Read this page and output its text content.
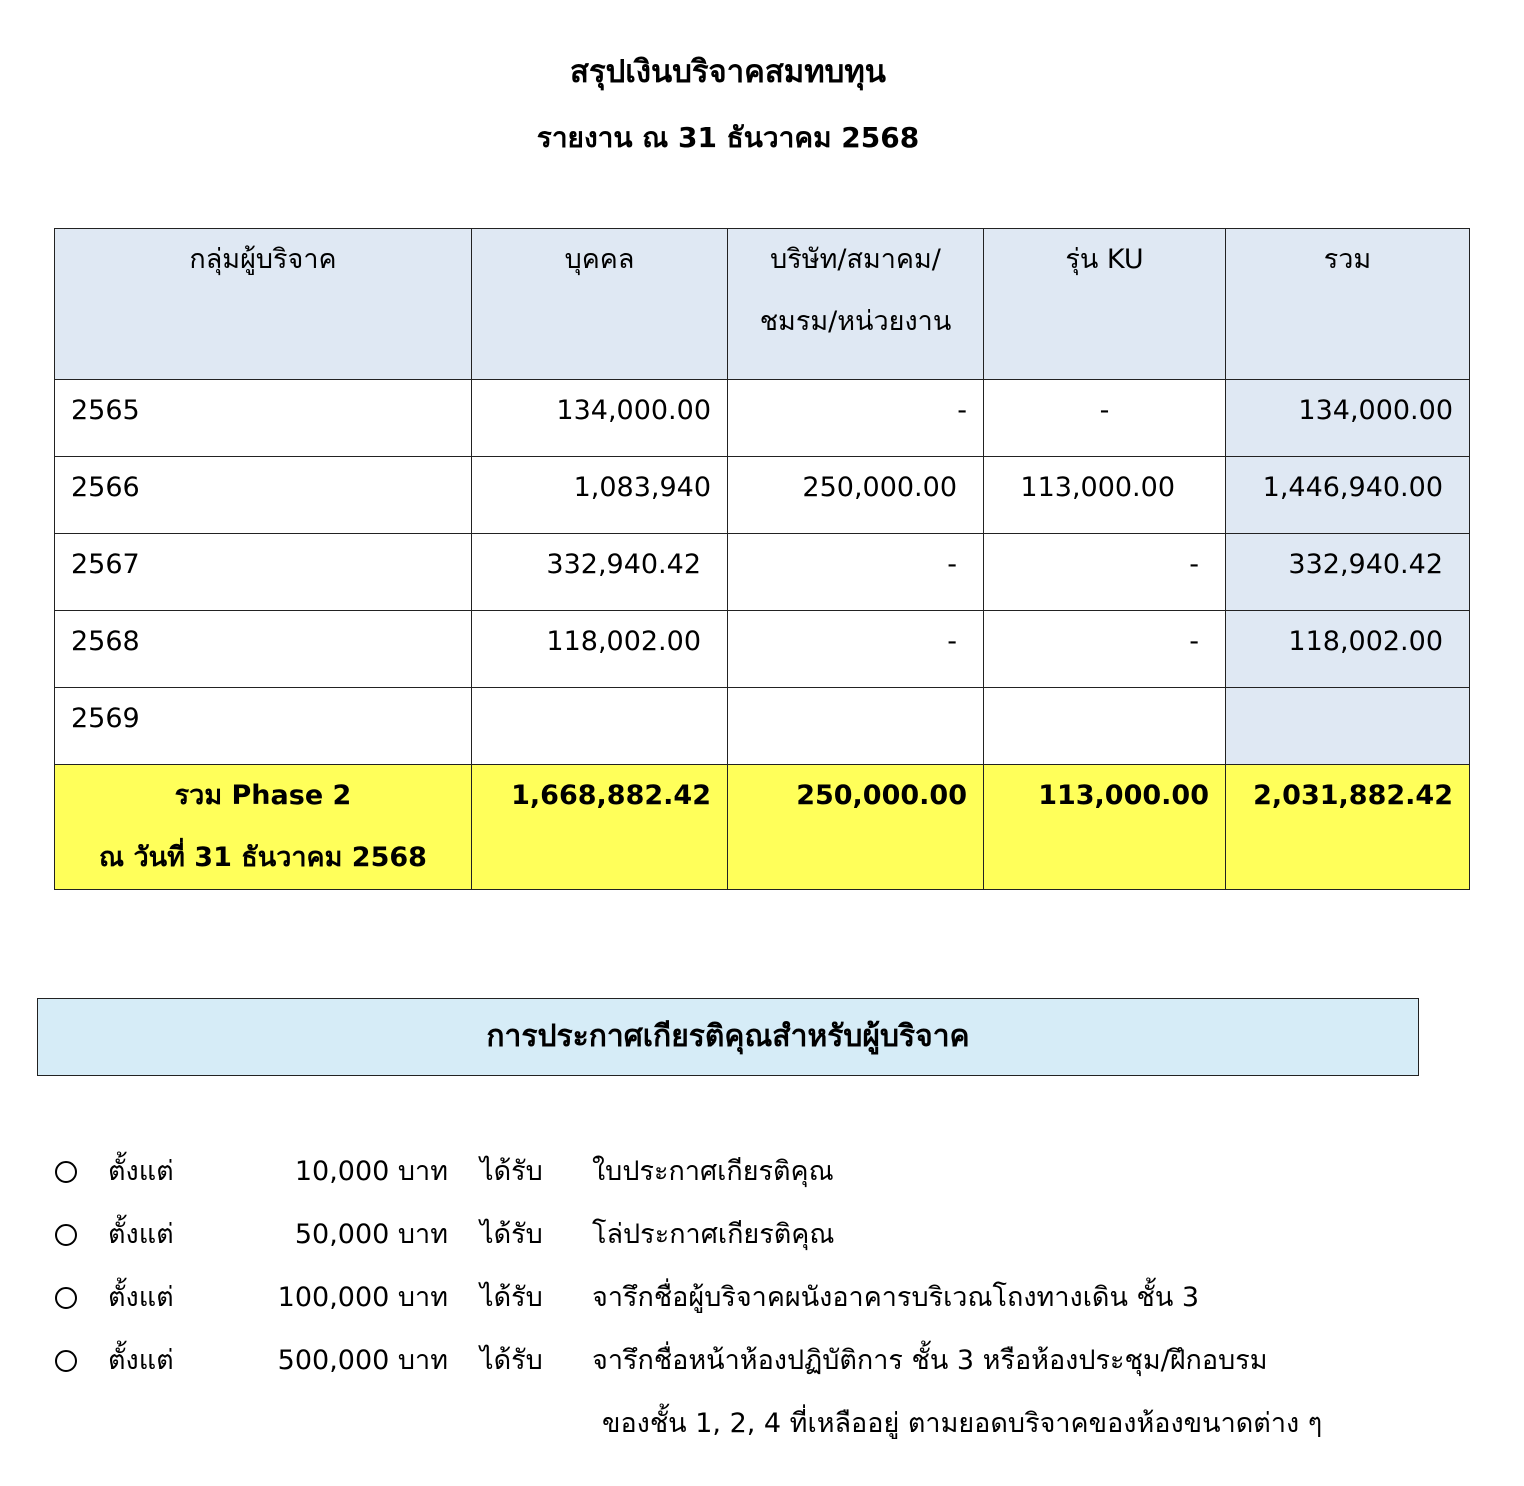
สรุปเงินบริจาคสมทบทุน
รายงาน ณ 31 ธันวาคม 2568
กลุ่มผู้บริจาค	บุคคล	บริษัท/สมาคม/ ชมรม/หน่วยงาน	รุ่น KU	รวม
2565	134,000.00	-	-	134,000.00
2566	1,083,940	250,000.00	113,000.00	1,446,940.00
2567	332,940.42	-	-	332,940.42
2568	118,002.00	-	-	118,002.00
2569				

รวม Phase 2
ณ วันที่ 31 ธันวาคม 2568	1,668,882.42	250,000.00	113,000.00	2,031,882.42
การประกาศเกียรติคุณสำหรับผู้บริจาค
ตั้งแต่	10,000 บาท ได้รับ ใบประกาศเกียรติคุณ
ตั้งแต่	50,000 บาท ได้รับ โล่ประกาศเกียรติคุณ
ตั้งแต่	100,000 บาท ได้รับ จารึกชื่อผู้บริจาคผนังอาคารบริเวณโถงทางเดิน ชั้น 3
ตั้งแต่	500,000 บาท ได้รับ จารึกชื่อหน้าห้องปฏิบัติการ ชั้น 3 หรือห้องประชุม/ฝึกอบรม
ของชั้น 1, 2, 4 ที่เหลืออยู่ ตามยอดบริจาคของห้องขนาดต่าง ๆ
